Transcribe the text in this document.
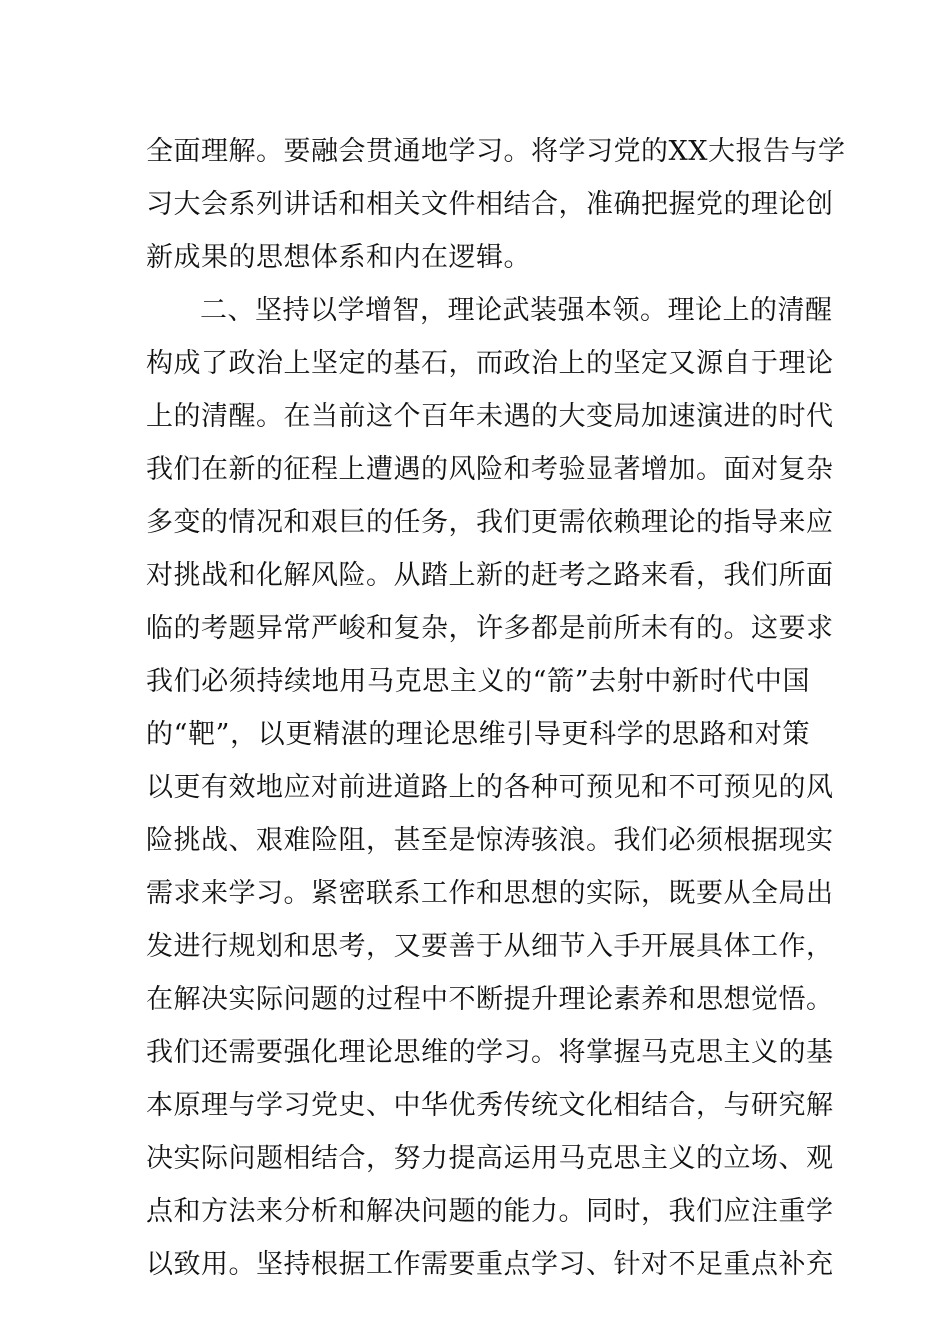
全面理解。要融会贯通地学习。将学习党的XX大报告与学
习大会系列讲话和相关文件相结合，准确把握党的理论创
新成果的思想体系和内在逻辑。
二、坚持以学增智，理论武装强本领。理论上的清醒
构成了政治上坚定的基石，而政治上的坚定又源自于理论
上的清醒。在当前这个百年未遇的大变局加速演进的时代
我们在新的征程上遭遇的风险和考验显著增加。面对复杂
多变的情况和艰巨的任务，我们更需依赖理论的指导来应
对挑战和化解风险。从踏上新的赶考之路来看，我们所面
临的考题异常严峻和复杂，许多都是前所未有的。这要求
我们必须持续地用马克思主义的“箭”去射中新时代中国
的“靶”，以更精湛的理论思维引导更科学的思路和对策
以更有效地应对前进道路上的各种可预见和不可预见的风
险挑战、艰难险阻，甚至是惊涛骇浪。我们必须根据现实
需求来学习。紧密联系工作和思想的实际，既要从全局出
发进行规划和思考，又要善于从细节入手开展具体工作，
在解决实际问题的过程中不断提升理论素养和思想觉悟。
我们还需要强化理论思维的学习。将掌握马克思主义的基
本原理与学习党史、中华优秀传统文化相结合，与研究解
决实际问题相结合，努力提高运用马克思主义的立场、观
点和方法来分析和解决问题的能力。同时，我们应注重学
以致用。坚持根据工作需要重点学习、针对不足重点补充
